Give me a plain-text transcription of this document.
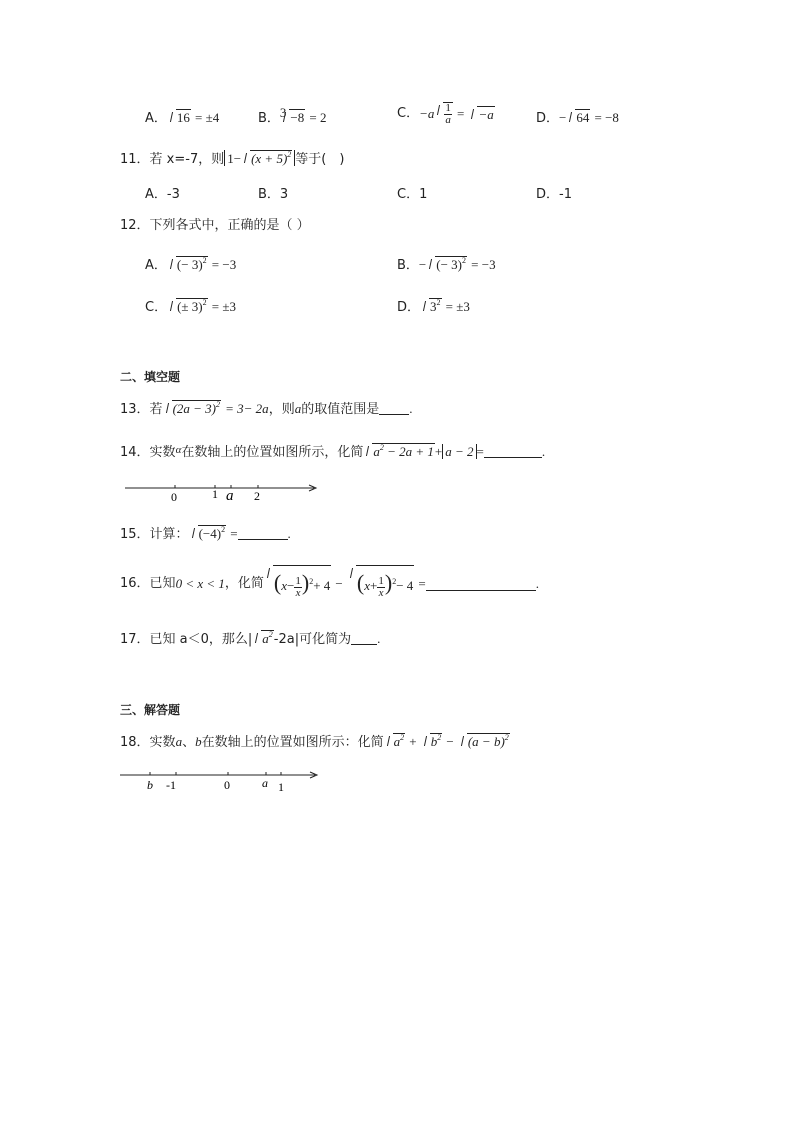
A． 16 = ±4	B．$^3$ −8 = 2	C．$-a \frac{1}{a} = -a$	D．− 64 = −8
11．若 x=-7，则 $1- (x + 5)^2$ 等于(　)
A．-3	B．3	C．1	D．-1
12．下列各式中，正确的是（ ）
A． (− 3)$^2$ = −3	B．− (− 3)$^2$ = −3
C． (± 3)$^2$ = ±3	D． $3^2 = \pm 3$
二、填空题
13．若 $(2a - 3)^2 = 3- 2a$，则a的取值范围是 .
14．实数$^\alpha$在数轴上的位置如图所示，化简 $a^2 - 2a + 1+ a - 2$ =	.
0	1 a 2
15．计算： $(-4)^2$ =	.
16．已知0 < x < 1，化简 $(x- \frac{1}{x} )^2+ 4 - (x+ \frac{1}{x} )^2- 4$ =	.
17．已知 a＜0，那么| $a^2-2a|$可化简为 .
三、解答题
18．实数a、b在数轴上的位置如图所示：化简 $a^2 + b^2 - (a - b)^2$
b -1	0	a 1
